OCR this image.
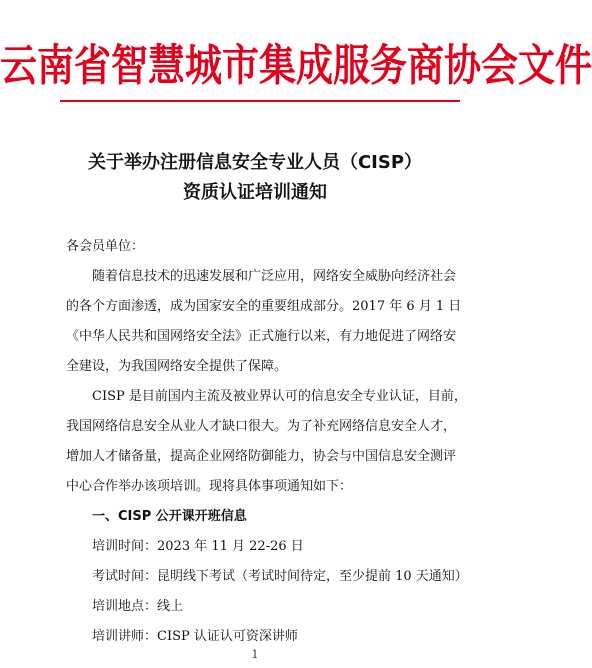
云南省智慧城市集成服务商协会文件
关于举办注册信息安全专业人员（CISP）
资质认证培训通知
各会员单位：
随着信息技术的迅速发展和广泛应用，网络安全威胁向经济社会
的各个方面渗透，成为国家安全的重要组成部分。2017 年 6 月 1 日
《中华人民共和国网络安全法》正式施行以来，有力地促进了网络安
全建设，为我国网络安全提供了保障。
CISP 是目前国内主流及被业界认可的信息安全专业认证，目前，
我国网络信息安全从业人才缺口很大。为了补充网络信息安全人才，
增加人才储备量，提高企业网络防御能力，协会与中国信息安全测评
中心合作举办该项培训。现将具体事项通知如下：
一、CISP 公开课开班信息
培训时间：2023 年 11 月 22-26 日
考试时间：昆明线下考试（考试时间待定，至少提前 10 天通知）
培训地点：线上
培训讲师：CISP 认证认可资深讲师
1
